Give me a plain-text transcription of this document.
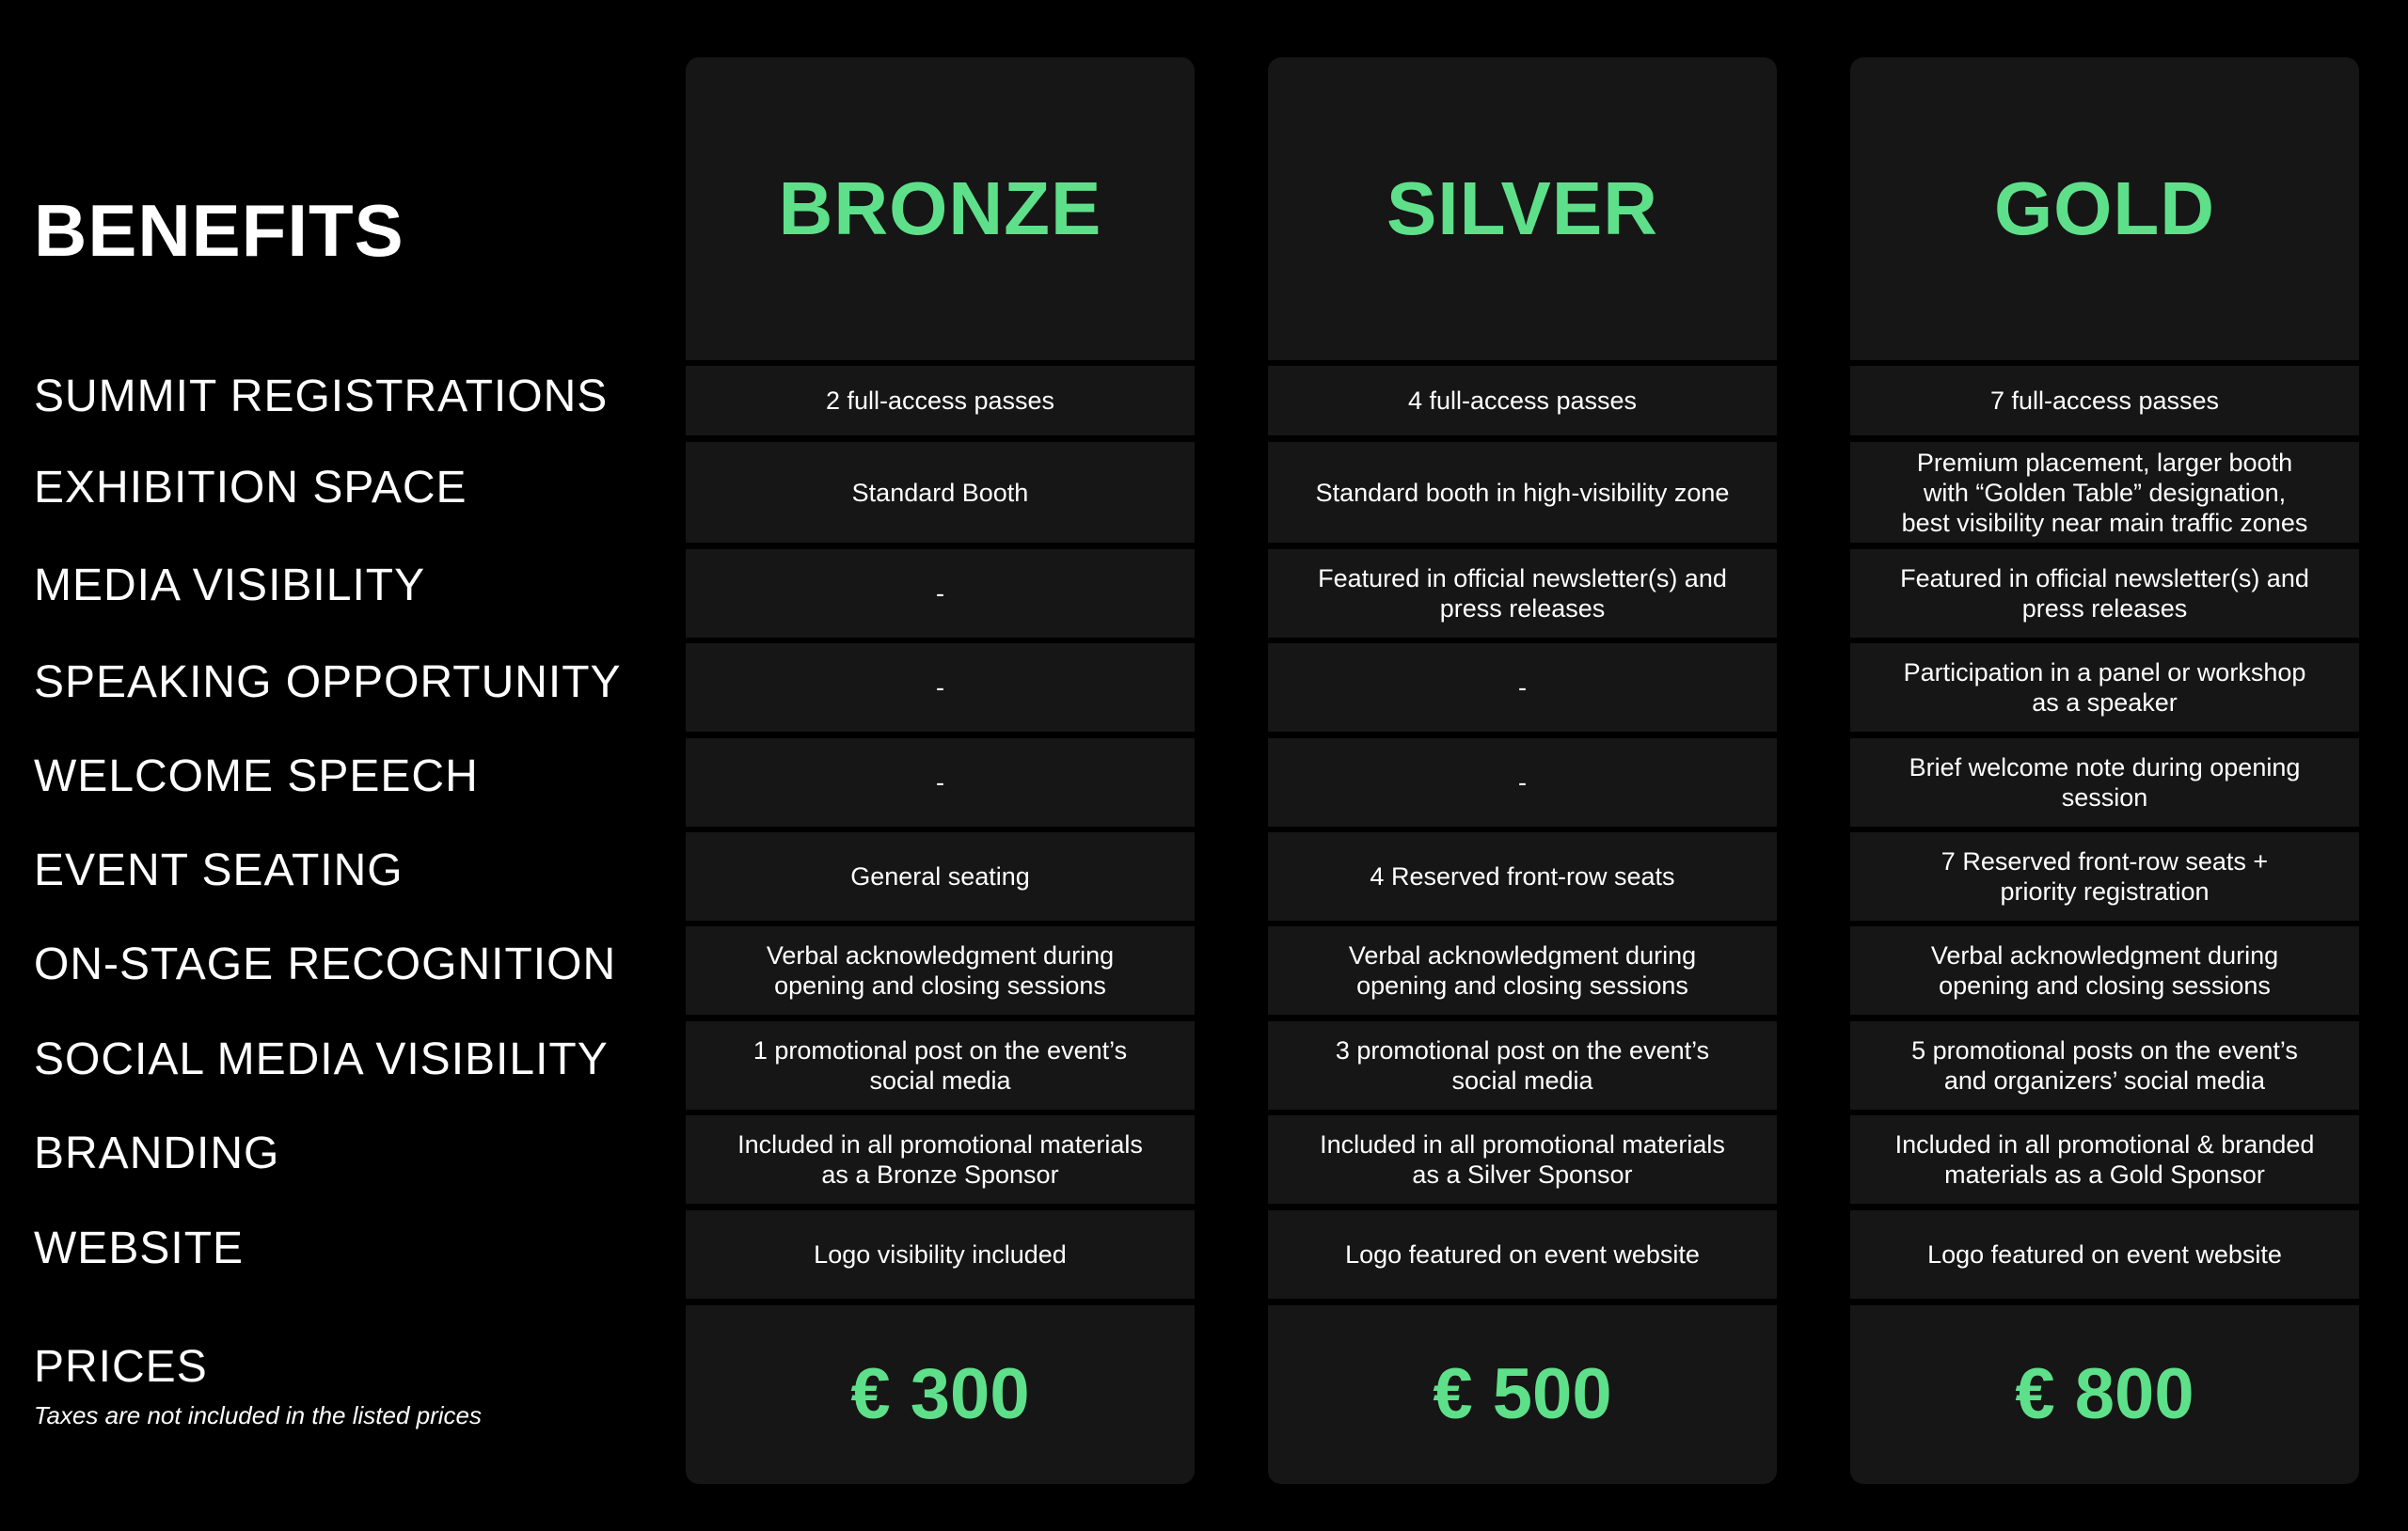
BENEFITS
SUMMIT REGISTRATIONS
EXHIBITION SPACE
MEDIA VISIBILITY
SPEAKING OPPORTUNITY
WELCOME SPEECH
EVENT SEATING
ON-STAGE RECOGNITION
SOCIAL MEDIA VISIBILITY
BRANDING
WEBSITE
PRICES
Taxes are not included in the listed prices
BRONZE
2 full-access passes
Standard Booth
-
-
-
General seating
Verbal acknowledgment during
opening and closing sessions
1 promotional post on the event’s
social media
Included in all promotional materials
as a Bronze Sponsor
Logo visibility included
€ 300
SILVER
4 full-access passes
Standard booth in high-visibility zone
Featured in official newsletter(s) and
press releases
-
-
4 Reserved front-row seats
Verbal acknowledgment during
opening and closing sessions
3 promotional post on the event’s
social media
Included in all promotional materials
as a Silver Sponsor
Logo featured on event website
€ 500
GOLD
7 full-access passes
Premium placement, larger booth
with “Golden Table” designation,
best visibility near main traffic zones
Featured in official newsletter(s) and
press releases
Participation in a panel or workshop
as a speaker
Brief welcome note during opening
session
7 Reserved front-row seats +
priority registration
Verbal acknowledgment during
opening and closing sessions
5 promotional posts on the event’s
and organizers’ social media
Included in all promotional & branded
materials as a Gold Sponsor
Logo featured on event website
€ 800
